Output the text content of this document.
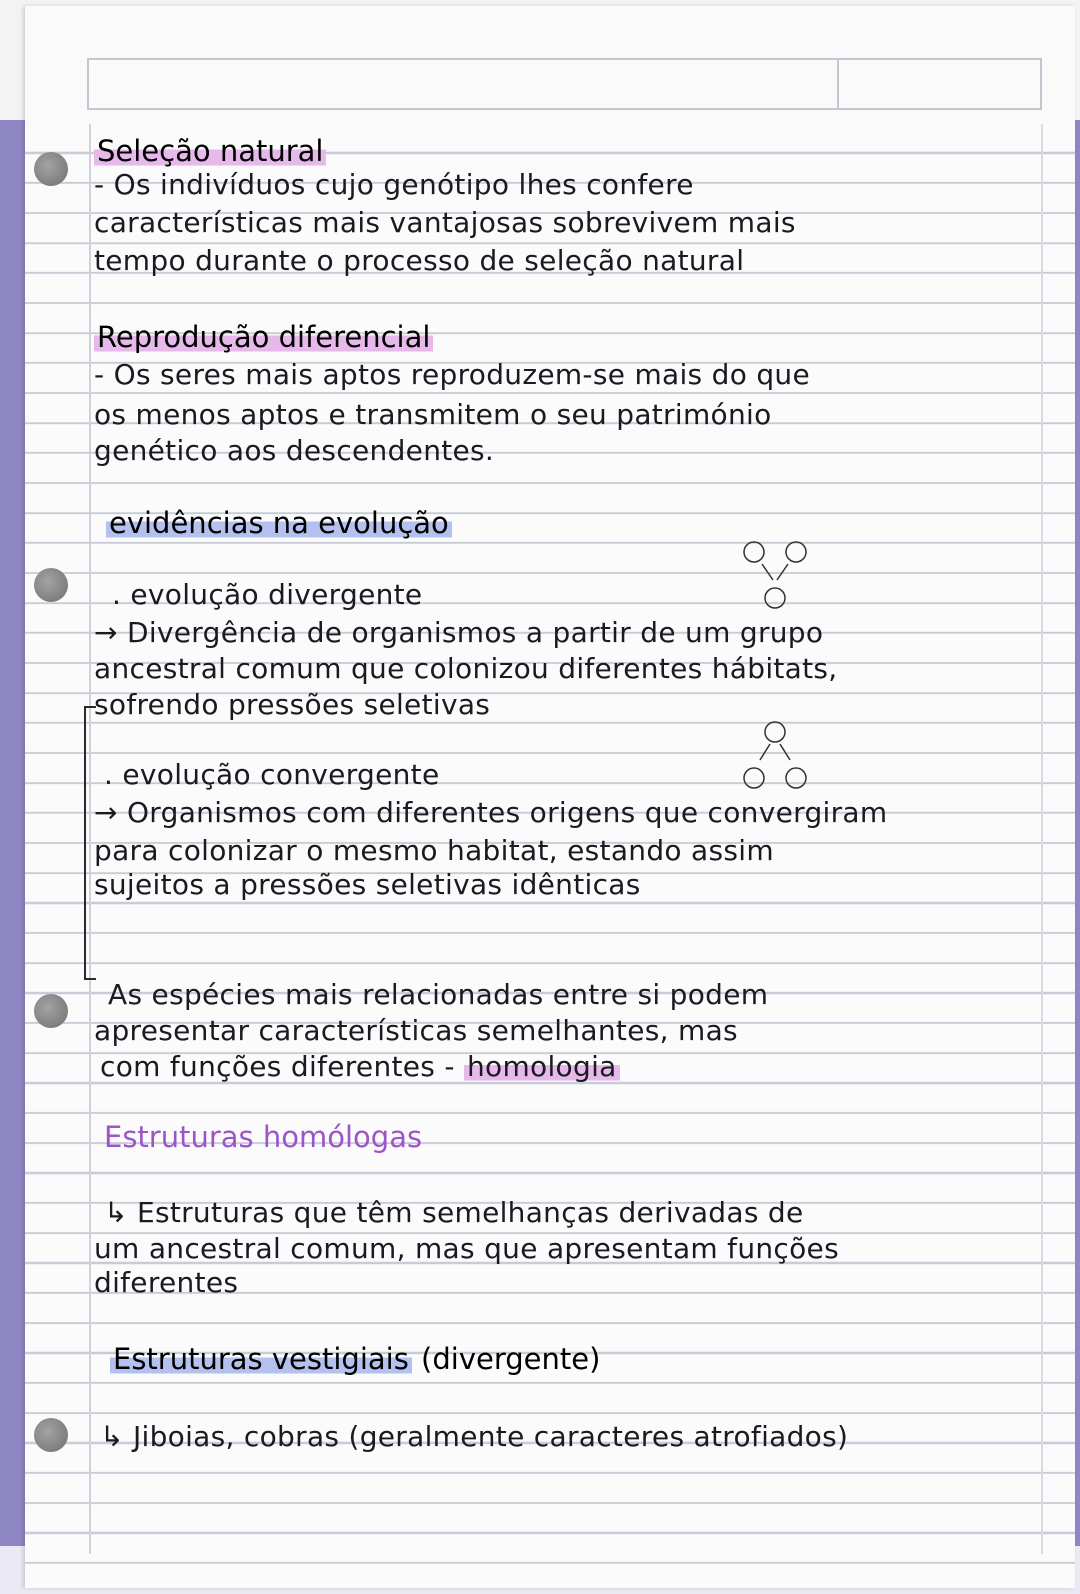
Seleção natural
- Os indivíduos cujo genótipo lhes confere
características mais vantajosas sobrevivem mais
tempo durante o processo de seleção natural
Reprodução diferencial
- Os seres mais aptos reproduzem-se mais do que
os menos aptos e transmitem o seu património
genético aos descendentes.
evidências na evolução
. evolução divergente
→ Divergência de organismos a partir de um grupo
ancestral comum que colonizou diferentes hábitats,
sofrendo pressões seletivas
. evolução convergente
→ Organismos com diferentes origens que convergiram
para colonizar o mesmo habitat, estando assim
sujeitos a pressões seletivas idênticas
As espécies mais relacionadas entre si podem
apresentar características semelhantes, mas
com funções diferentes - homologia
Estruturas homólogas
↳ Estruturas que têm semelhanças derivadas de
um ancestral comum, mas que apresentam funções
diferentes
Estruturas vestigiais (divergente)
↳ Jiboias, cobras (geralmente caracteres atrofiados)
